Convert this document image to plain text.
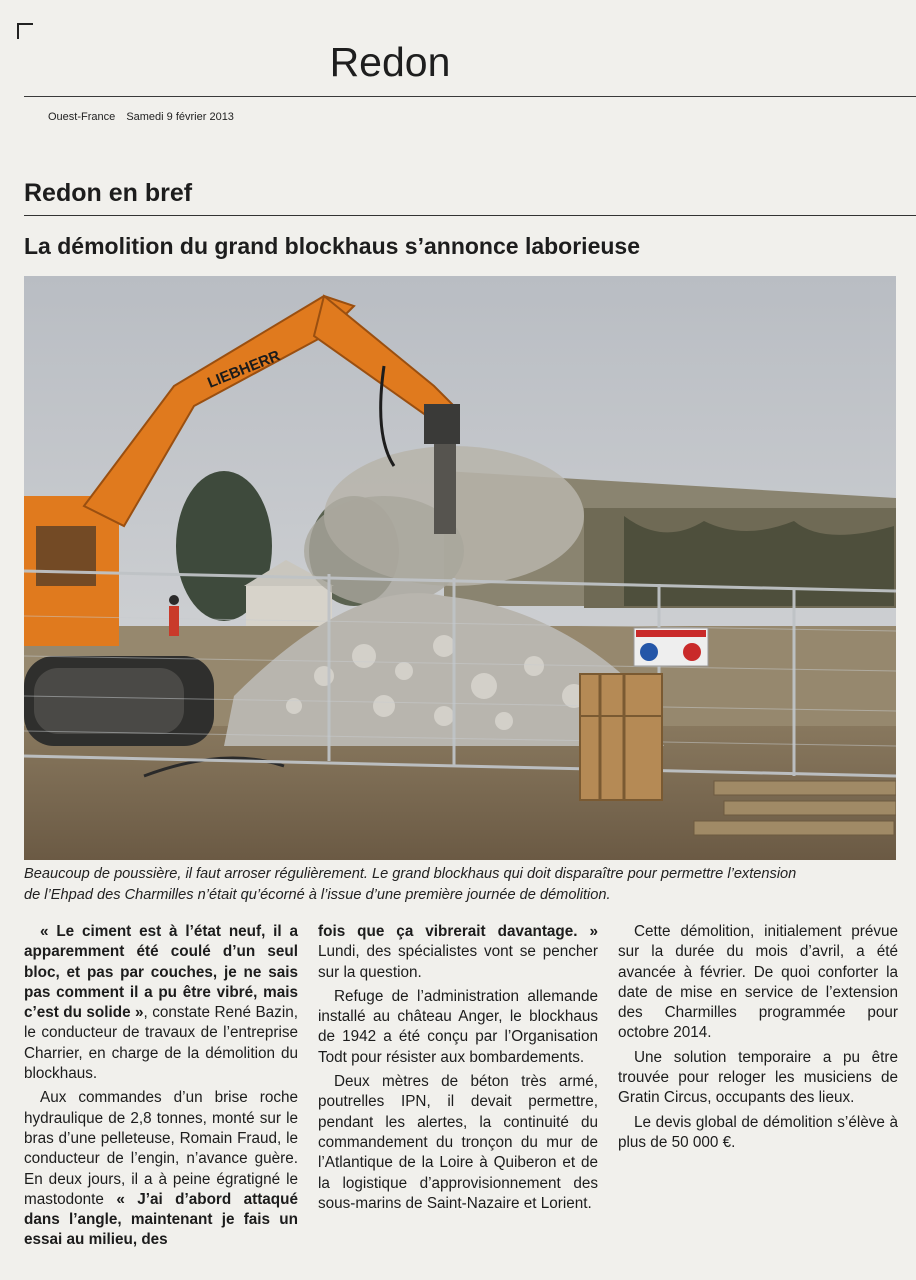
Redon
Ouest-France Samedi 9 février 2013
Redon en bref
La démolition du grand blockhaus s’annonce laborieuse
LIEBHERR

Beaucoup de poussière, il faut arroser régulièrement. Le grand blockhaus qui doit disparaître pour permettre l’extension

de l’Ehpad des Charmilles n’était qu’écorné à l’issue d’une première journée de démolition.

« Le ciment est à l’état neuf, il a apparemment été coulé d’un seul bloc, et pas par couches, je ne sais pas comment il a pu être vibré, mais c’est du solide », constate René Bazin, le conducteur de travaux de l’entreprise Charrier, en charge de la démolition du blockhaus.

Aux commandes d’un brise roche hydraulique de 2,8 tonnes, monté sur le bras d’une pelleteuse, Romain Fraud, le conducteur de l’engin, n’avance guère. En deux jours, il a à peine égratigné le mastodonte « J’ai d’abord attaqué dans l’angle, maintenant je fais un essai au milieu, des

fois que ça vibrerait davantage. » Lundi, des spécialistes vont se pencher sur la question.

Refuge de l’administration allemande installé au château Anger, le blockhaus de 1942 a été conçu par l’Organisation Todt pour résister aux bombardements.

Deux mètres de béton très armé, poutrelles IPN, il devait permettre, pendant les alertes, la continuité du commandement du tronçon du mur de l’Atlantique de la Loire à Quiberon et de la logistique d’approvisionnement des sous-marins de Saint-Nazaire et Lorient.

Cette démolition, initialement prévue sur la durée du mois d’avril, a été avancée à février. De quoi conforter la date de mise en service de l’extension des Charmilles programmée pour octobre 2014.

Une solution temporaire a pu être trouvée pour reloger les musiciens de Gratin Circus, occupants des lieux.

Le devis global de démolition s’élève à plus de 50 000 €.
